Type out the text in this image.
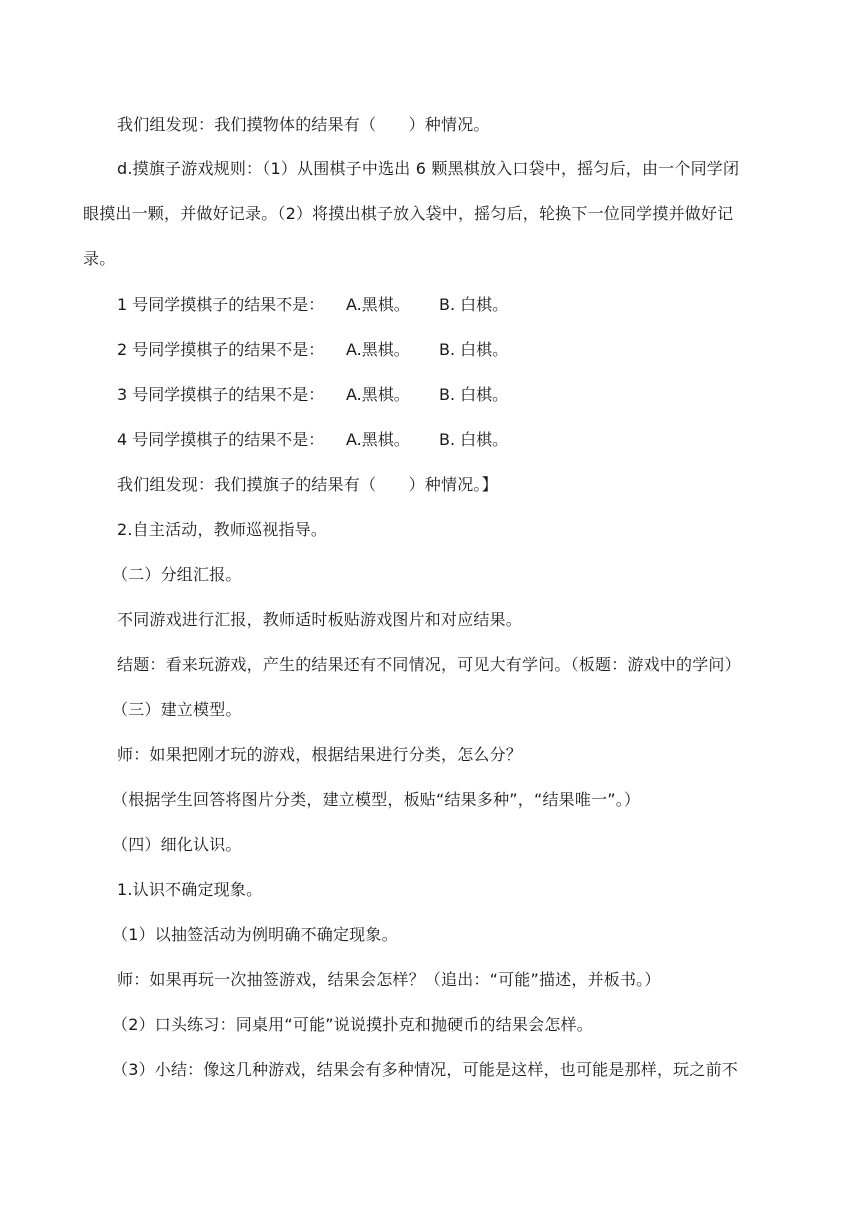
我们组发现：我们摸物体的结果有（　　）种情况。
d.摸旗子游戏规则：（1）从围棋子中选出 6 颗黑棋放入口袋中，摇匀后，由一个同学闭
眼摸出一颗，并做好记录。（2）将摸出棋子放入袋中，摇匀后，轮换下一位同学摸并做好记
录。
1 号同学摸棋子的结果不是： A.黑棋。 B. 白棋。
2 号同学摸棋子的结果不是： A.黑棋。 B. 白棋。
3 号同学摸棋子的结果不是： A.黑棋。 B. 白棋。
4 号同学摸棋子的结果不是： A.黑棋。 B. 白棋。
我们组发现：我们摸旗子的结果有（　　）种情况。】
2.自主活动，教师巡视指导。
（二）分组汇报。
不同游戏进行汇报，教师适时板贴游戏图片和对应结果。
结题：看来玩游戏，产生的结果还有不同情况，可见大有学问。（板题：游戏中的学问）
（三）建立模型。
师：如果把刚才玩的游戏，根据结果进行分类，怎么分？
（根据学生回答将图片分类，建立模型，板贴“结果多种”，“结果唯一”。）
（四）细化认识。
1.认识不确定现象。
（1）以抽签活动为例明确不确定现象。
师：如果再玩一次抽签游戏，结果会怎样？（追出：“可能”描述，并板书。）
（2）口头练习：同桌用“可能”说说摸扑克和抛硬币的结果会怎样。
（3）小结：像这几种游戏，结果会有多种情况，可能是这样，也可能是那样，玩之前不
